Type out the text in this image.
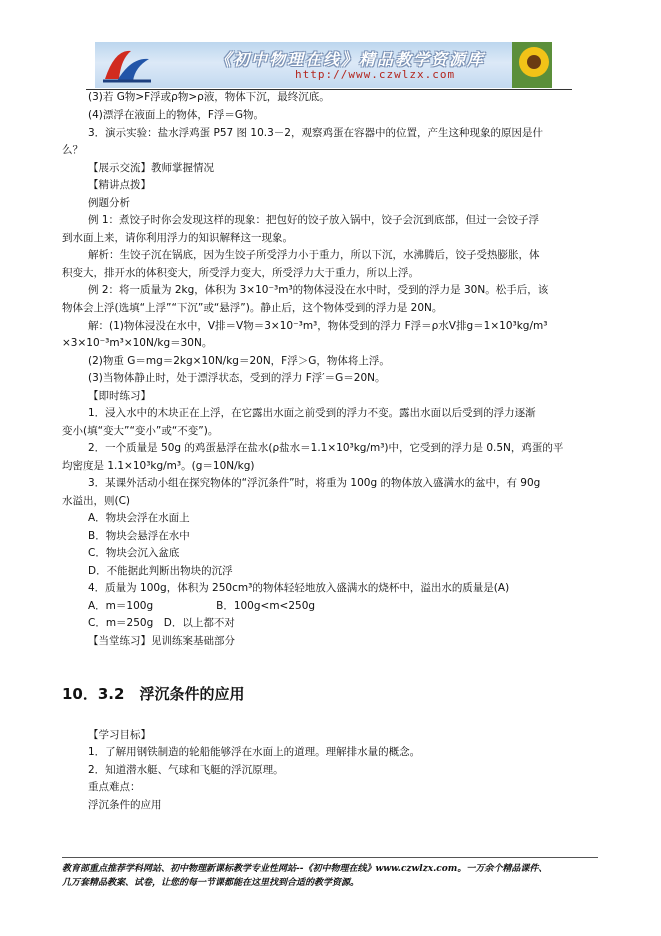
《初中物理在线》精品教学资源库
http://www.czwlzx.com
(3)若 G物>F浮或ρ物>ρ液，物体下沉，最终沉底。
(4)漂浮在液面上的物体，F浮＝G物。
3．演示实验：盐水浮鸡蛋 P57 图 10.3－2，观察鸡蛋在容器中的位置，产生这种现象的原因是什
么？
【展示交流】教师掌握情况
【精讲点拨】
例题分析
例 1：煮饺子时你会发现这样的现象：把包好的饺子放入锅中，饺子会沉到底部，但过一会饺子浮
到水面上来，请你利用浮力的知识解释这一现象。
解析：生饺子沉在锅底，因为生饺子所受浮力小于重力，所以下沉，水沸腾后，饺子受热膨胀，体
积变大，排开水的体积变大，所受浮力变大，所受浮力大于重力，所以上浮。
例 2：将一质量为 2kg，体积为 3×10⁻³m³的物体浸没在水中时，受到的浮力是 30N。松手后，该
物体会上浮(选填“上浮”“下沉”或“悬浮”)。静止后，这个物体受到的浮力是 20N。
解：(1)物体浸没在水中，V排＝V物＝3×10⁻³m³，物体受到的浮力 F浮＝ρ水V排g＝1×10³kg/m³
×3×10⁻³m³×10N/kg＝30N。
(2)物重 G＝mg＝2kg×10N/kg＝20N，F浮＞G，物体将上浮。
(3)当物体静止时，处于漂浮状态，受到的浮力 F浮′＝G＝20N。
【即时练习】
1．浸入水中的木块正在上浮，在它露出水面之前受到的浮力不变。露出水面以后受到的浮力逐渐
变小(填“变大”“变小”或“不变”)。
2．一个质量是 50g 的鸡蛋悬浮在盐水(ρ盐水＝1.1×10³kg/m³)中，它受到的浮力是 0.5N，鸡蛋的平
均密度是 1.1×10³kg/m³。(g＝10N/kg)
3．某课外活动小组在探究物体的“浮沉条件”时，将重为 100g 的物体放入盛满水的盆中，有 90g
水溢出，则(C)
A．物块会浮在水面上
B．物块会悬浮在水中
C．物块会沉入盆底
D．不能据此判断出物块的沉浮
4．质量为 100g，体积为 250cm³的物体轻轻地放入盛满水的烧杯中，溢出水的质量是(A)
A．m＝100g　　　　　　B．100g<m<250g
C．m＝250g　D．以上都不对
【当堂练习】见训练案基础部分
10．3.2　浮沉条件的应用
【学习目标】
1．了解用钢铁制造的轮船能够浮在水面上的道理。理解排水量的概念。
2．知道潜水艇、气球和飞艇的浮沉原理。
重点难点：
浮沉条件的应用
教育部重点推荐学科网站、初中物理新课标教学专业性网站--《初中物理在线》www.czwlzx.com。一万余个精品课件、
几万套精品教案、试卷，让您的每一节课都能在这里找到合适的教学资源。
